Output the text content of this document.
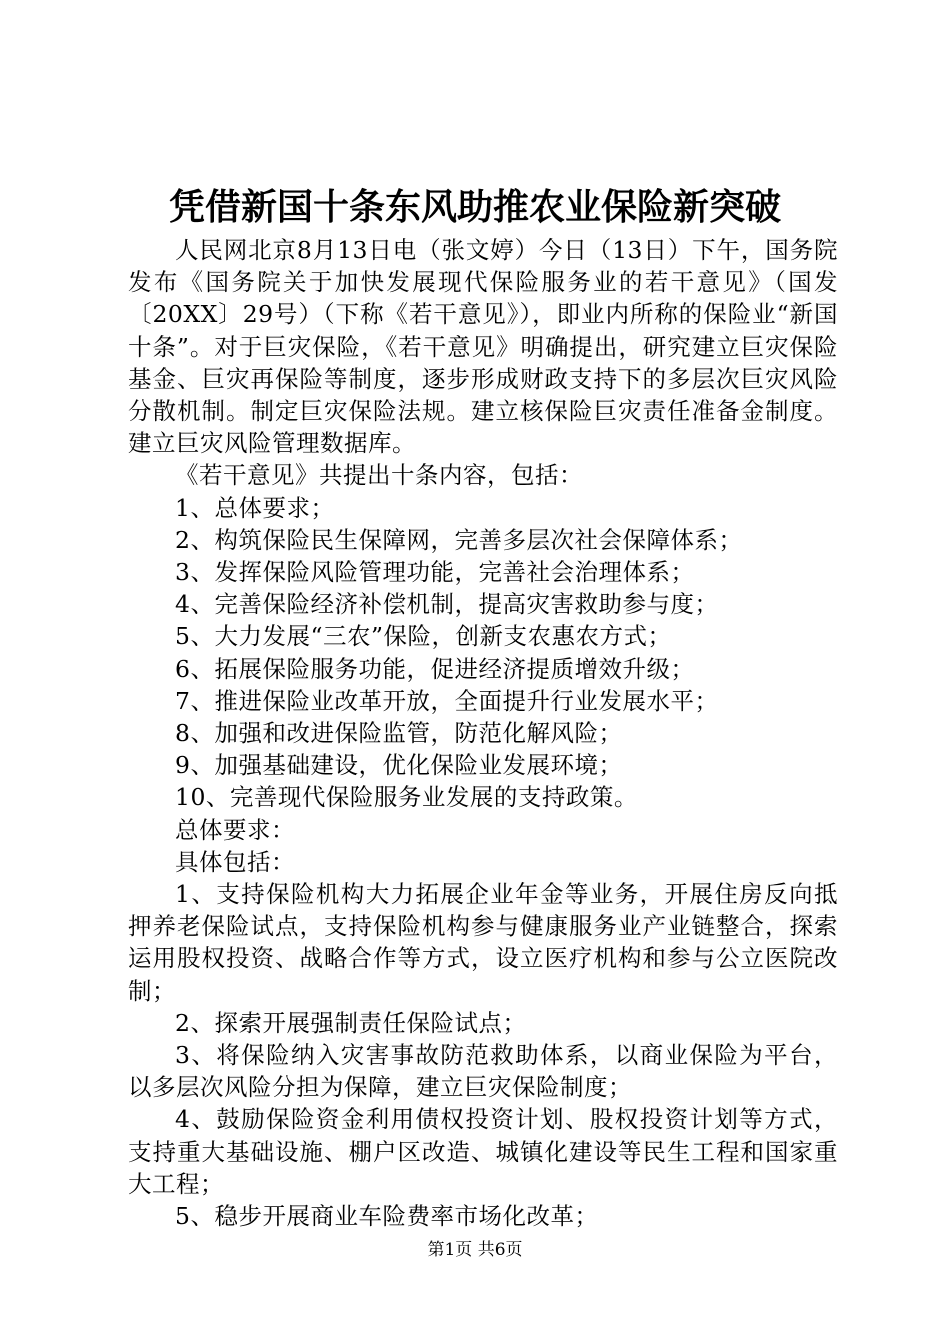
凭借新国十条东风助推农业保险新突破

人民网北京8月13日电（张文婷）今日（13日）下午，国务院发布《国务院关于加快发展现代保险服务业的若干意见》（国发〔20XX〕29号）（下称《若干意见》），即业内所称的保险业“新国十条”。对于巨灾保险，《若干意见》明确提出，研究建立巨灾保险基金、巨灾再保险等制度，逐步形成财政支持下的多层次巨灾风险分散机制。制定巨灾保险法规。建立核保险巨灾责任准备金制度。建立巨灾风险管理数据库。

《若干意见》共提出十条内容，包括：

1、总体要求；

2、构筑保险民生保障网，完善多层次社会保障体系；

3、发挥保险风险管理功能，完善社会治理体系；

4、完善保险经济补偿机制，提高灾害救助参与度；

5、大力发展“三农”保险，创新支农惠农方式；

6、拓展保险服务功能，促进经济提质增效升级；

7、推进保险业改革开放，全面提升行业发展水平；

8、加强和改进保险监管，防范化解风险；

9、加强基础建设，优化保险业发展环境；

10、完善现代保险服务业发展的支持政策。

总体要求：

具体包括：

1、支持保险机构大力拓展企业年金等业务，开展住房反向抵押养老保险试点，支持保险机构参与健康服务业产业链整合，探索运用股权投资、战略合作等方式，设立医疗机构和参与公立医院改制；

2、探索开展强制责任保险试点；

3、将保险纳入灾害事故防范救助体系，以商业保险为平台，以多层次风险分担为保障，建立巨灾保险制度；

4、鼓励保险资金利用债权投资计划、股权投资计划等方式，支持重大基础设施、棚户区改造、城镇化建设等民生工程和国家重大工程；

5、稳步开展商业车险费率市场化改革；

第1页 共6页
